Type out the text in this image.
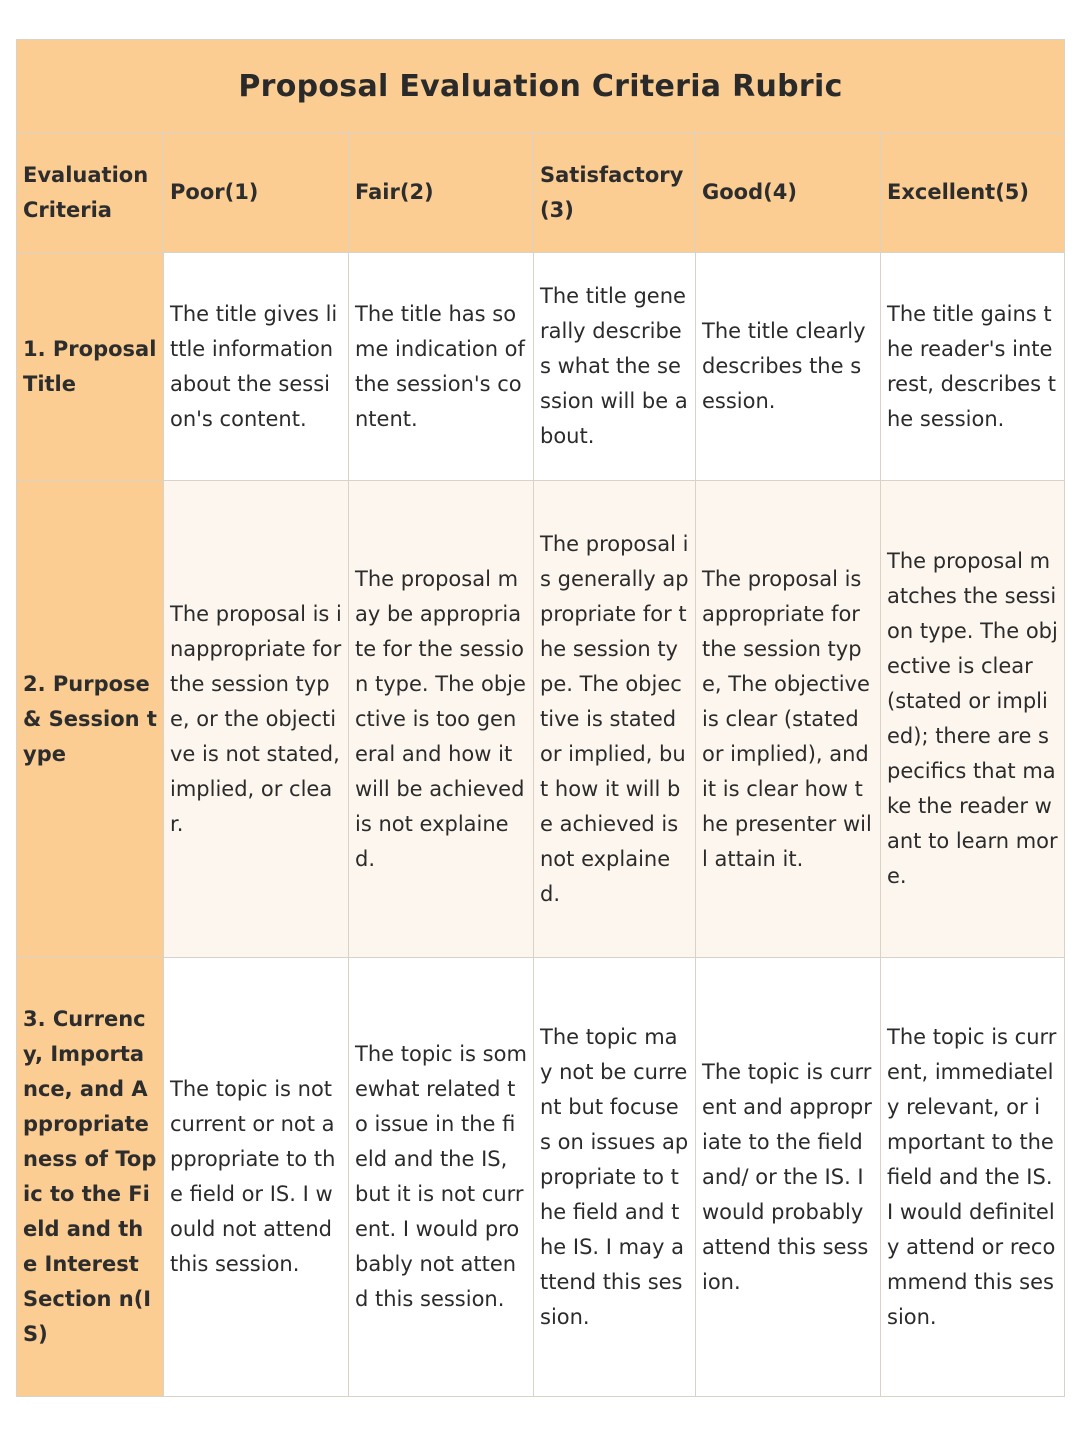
Proposal Evaluation Criteria Rubric					
Evaluation Criteria	Poor(1)	Fair(2)	Satisfactory (3)	Good(4)	Excellent(5)
1. Proposal Title	The title gives little information about the session's content.	The title has some indication of the session's content.	The title generally describes what the session will be about.	The title clearly describes the session.	The title gains the reader's interest, describes the session.
2. Purpose & Session type	The proposal is inappropriate for the session type, or the objective is not stated, implied, or clear.	The proposal may be appropriate for the session type. The objective is too general and how it will be achieved is not explained.	The proposal is generally appropriate for the session type. The objective is stated or implied, but how it will be achieved is not explained.	The proposal is appropriate for the session type, The objective is clear (stated or implied), and it is clear how the presenter will attain it.	The proposal matches the session type. The objective is clear (stated or implied); there are specifics that make the reader want to learn more.
3. Currency, Importance, and Appropriateness of Topic to the Field and the Interest Section n(IS)	The topic is not current or not appropriate to the field or IS. I would not attend this session.	The topic is somewhat related to issue in the field and the IS, but it is not current. I would probably not attend this session.	The topic may not be current but focuses on issues appropriate to the field and the IS. I may attend this session.	The topic is current and appropriate to the field and/ or the IS. I would probably attend this session.	The topic is current, immediately relevant, or important to the field and the IS. I would definitely attend or recommend this session.
